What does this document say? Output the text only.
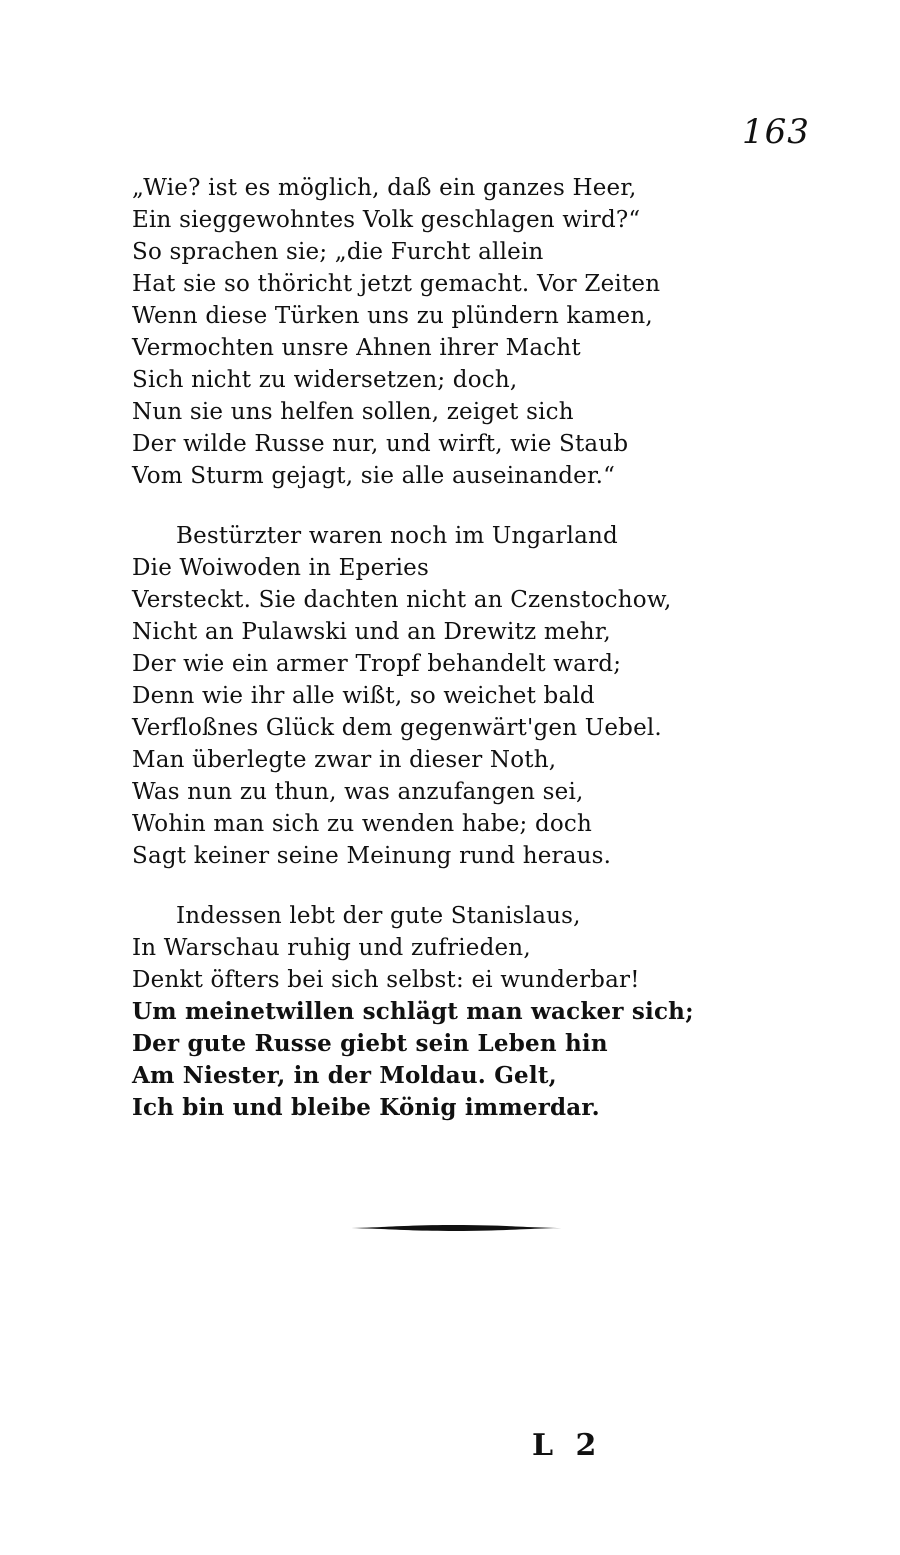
163
„Wie? ist es möglich, daß ein ganzes Heer,
Ein sieggewohntes Volk geschlagen wird?“
So sprachen sie; „die Furcht allein
Hat sie so thöricht jetzt gemacht. Vor Zeiten
Wenn diese Türken uns zu plündern kamen,
Vermochten unsre Ahnen ihrer Macht
Sich nicht zu widersetzen; doch,
Nun sie uns helfen sollen, zeiget sich
Der wilde Russe nur, und wirft, wie Staub
Vom Sturm gejagt, sie alle auseinander.“
Bestürzter waren noch im Ungarland
Die Woiwoden in Eperies
Versteckt. Sie dachten nicht an Czenstochow,
Nicht an Pulawski und an Drewitz mehr,
Der wie ein armer Tropf behandelt ward;
Denn wie ihr alle wißt, so weichet bald
Verfloßnes Glück dem gegenwärt'gen Uebel.
Man überlegte zwar in dieser Noth,
Was nun zu thun, was anzufangen sei,
Wohin man sich zu wenden habe; doch
Sagt keiner seine Meinung rund heraus.
Indessen lebt der gute Stanislaus,
In Warschau ruhig und zufrieden,
Denkt öfters bei sich selbst: ei wunderbar!
Um meinetwillen schlägt man wacker sich;
Der gute Russe giebt sein Leben hin
Am Niester, in der Moldau. Gelt,
Ich bin und bleibe König immerdar.
L 2
